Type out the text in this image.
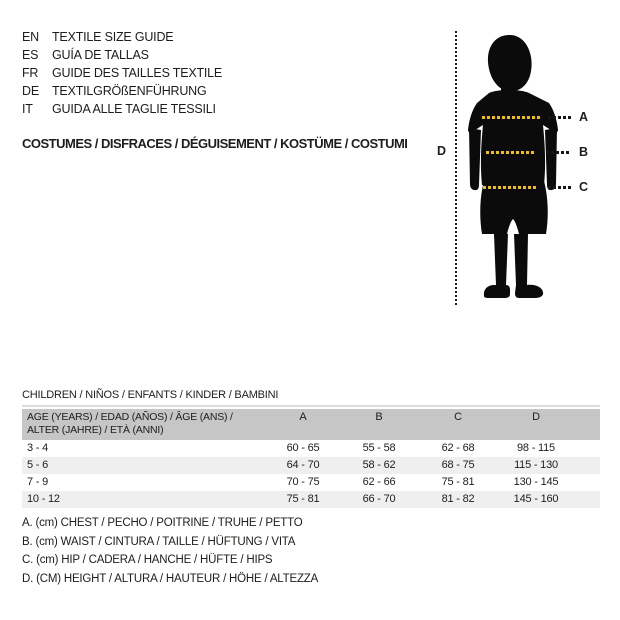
EN	TEXTILE SIZE GUIDE
ES	GUÍA DE TALLAS
FR	GUIDE DES TAILLES TEXTILE
DE	TEXTILGRÖßENFÜHRUNG
IT	GUIDA ALLE TAGLIE TESSILI
COSTUMES / DISFRACES / DÉGUISEMENT / KOSTÜME / COSTUMI
A
B
C
D
CHILDREN / NIÑOS / ENFANTS / KINDER / BAMBINI
AGE (YEARS) / EDAD (AÑOS) / ÂGE (ANS) /
ALTER (JAHRE) / ETÀ (ANNI)
A	B	C	D
3 - 4	60 - 65	55 - 58	62 - 68	98 - 115
5 - 6	64 - 70	58 - 62	68 - 75	115 - 130
7 - 9	70 - 75	62 - 66	75 - 81	130 - 145
10 - 12	75 - 81	66 - 70	81 - 82	145 - 160
A. (cm) CHEST / PECHO / POITRINE / TRUHE / PETTO
B. (cm) WAIST / CINTURA / TAILLE / HÜFTUNG / VITA
C. (cm) HIP / CADERA / HANCHE / HÜFTE / HIPS
D. (CM) HEIGHT / ALTURA / HAUTEUR / HÖHE / ALTEZZA
